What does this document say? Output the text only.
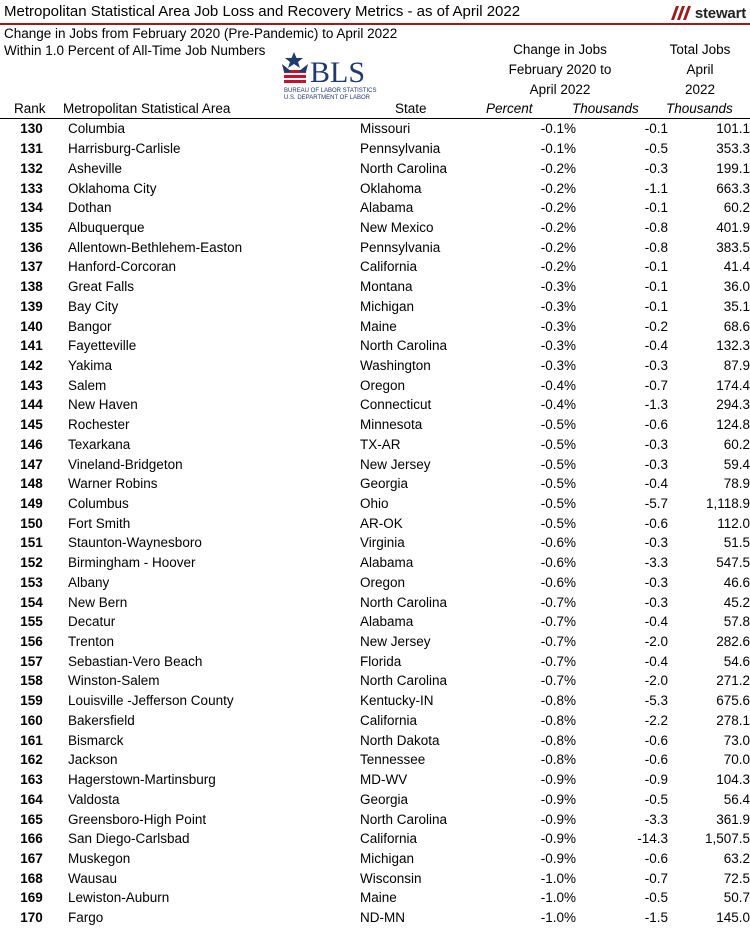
Metropolitan Statistical Area Job Loss and Recovery Metrics - as of April 2022	stewart
Change in Jobs from February 2020 (Pre-Pandemic) to April 2022
Within 1.0 Percent of All-Time Job Numbers
BLS
BUREAU OF LABOR STATISTICS
U.S. DEPARTMENT OF LABOR
Change in Jobs
February 2020 to
April 2022
Total Jobs
April
2022
Rank Metropolitan Statistical Area	State	Percent	Thousands Thousands
130	Columbia	Missouri	-0.1%	-0.1	101.1
131	Harrisburg-Carlisle	Pennsylvania	-0.1%	-0.5	353.3
132	Asheville	North Carolina	-0.2%	-0.3	199.1
133	Oklahoma City	Oklahoma	-0.2%	-1.1	663.3
134	Dothan	Alabama	-0.2%	-0.1	60.2
135	Albuquerque	New Mexico	-0.2%	-0.8	401.9
136	Allentown-Bethlehem-Easton	Pennsylvania	-0.2%	-0.8	383.5
137	Hanford-Corcoran	California	-0.2%	-0.1	41.4
138	Great Falls	Montana	-0.3%	-0.1	36.0
139	Bay City	Michigan	-0.3%	-0.1	35.1
140	Bangor	Maine	-0.3%	-0.2	68.6
141	Fayetteville	North Carolina	-0.3%	-0.4	132.3
142	Yakima	Washington	-0.3%	-0.3	87.9
143	Salem	Oregon	-0.4%	-0.7	174.4
144	New Haven	Connecticut	-0.4%	-1.3	294.3
145	Rochester	Minnesota	-0.5%	-0.6	124.8
146	Texarkana	TX-AR	-0.5%	-0.3	60.2
147	Vineland-Bridgeton	New Jersey	-0.5%	-0.3	59.4
148	Warner Robins	Georgia	-0.5%	-0.4	78.9
149	Columbus	Ohio	-0.5%	-5.7	1,118.9
150	Fort Smith	AR-OK	-0.5%	-0.6	112.0
151	Staunton-Waynesboro	Virginia	-0.6%	-0.3	51.5
152	Birmingham - Hoover	Alabama	-0.6%	-3.3	547.5
153	Albany	Oregon	-0.6%	-0.3	46.6
154	New Bern	North Carolina	-0.7%	-0.3	45.2
155	Decatur	Alabama	-0.7%	-0.4	57.8
156	Trenton	New Jersey	-0.7%	-2.0	282.6
157	Sebastian-Vero Beach	Florida	-0.7%	-0.4	54.6
158	Winston-Salem	North Carolina	-0.7%	-2.0	271.2
159	Louisville -Jefferson County	Kentucky-IN	-0.8%	-5.3	675.6
160	Bakersfield	California	-0.8%	-2.2	278.1
161	Bismarck	North Dakota	-0.8%	-0.6	73.0
162	Jackson	Tennessee	-0.8%	-0.6	70.0
163	Hagerstown-Martinsburg	MD-WV	-0.9%	-0.9	104.3
164	Valdosta	Georgia	-0.9%	-0.5	56.4
165	Greensboro-High Point	North Carolina	-0.9%	-3.3	361.9
166	San Diego-Carlsbad	California	-0.9%	-14.3	1,507.5
167	Muskegon	Michigan	-0.9%	-0.6	63.2
168	Wausau	Wisconsin	-1.0%	-0.7	72.5
169	Lewiston-Auburn	Maine	-1.0%	-0.5	50.7
170	Fargo	ND-MN	-1.0%	-1.5	145.0
